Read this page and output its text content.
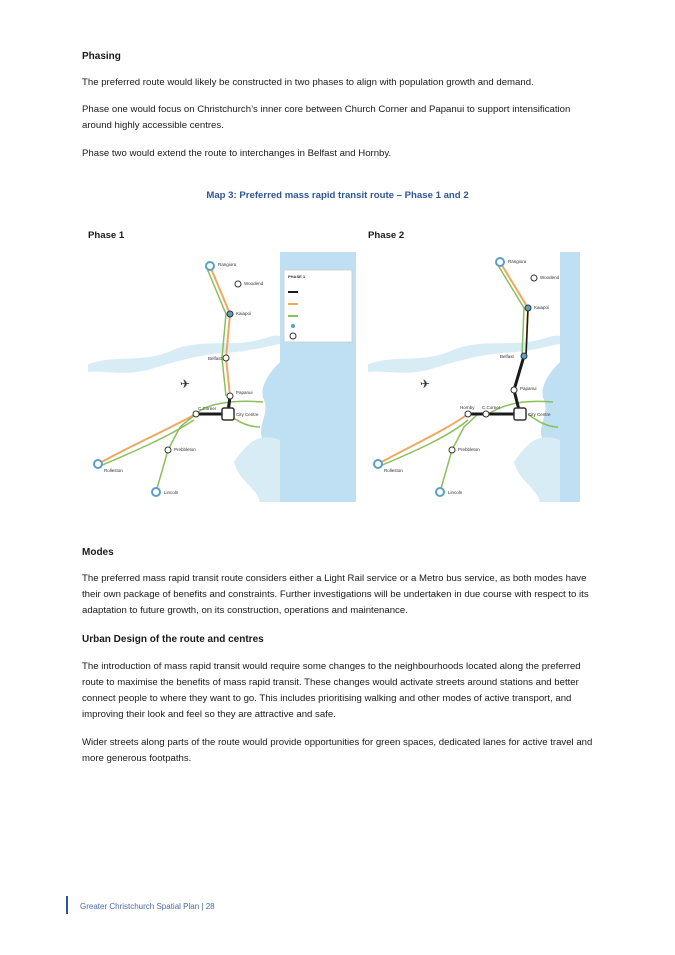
Phasing

The preferred route would likely be constructed in two phases to align with population growth and demand.

Phase one would focus on Christchurch’s inner core between Church Corner and Papanui to support intensification around highly accessible centres.

Phase two would extend the route to interchanges in Belfast and Hornby.

Map 3: Preferred mass rapid transit route – Phase 1 and 2

Phase 1	Phase 2

✈
PHASE 1
Rangiora
Woodend
Kaiapoi
Belfast
Papanui
C.Corner
City Centre
Prebbleton
Rolleston
Lincoln
✈
Rangiora
Woodend
Kaiapoi
Belfast
Papanui
Hornby C.Corner
City Centre
Prebbleton
Rolleston
Lincoln
Modes

The preferred mass rapid transit route considers either a Light Rail service or a Metro bus service, as both modes have their own package of benefits and constraints. Further investigations will be undertaken in due course with respect to its adaptation to future growth, on its construction, operations and maintenance.

Urban Design of the route and centres

The introduction of mass rapid transit would require some changes to the neighbourhoods located along the preferred route to maximise the benefits of mass rapid transit. These changes would activate streets around stations and better connect people to where they want to go. This includes prioritising walking and other modes of active transport, and improving their look and feel so they are attractive and safe.

Wider streets along parts of the route would provide opportunities for green spaces, dedicated lanes for active travel and more generous footpaths.

Greater Christchurch Spatial Plan | 28
